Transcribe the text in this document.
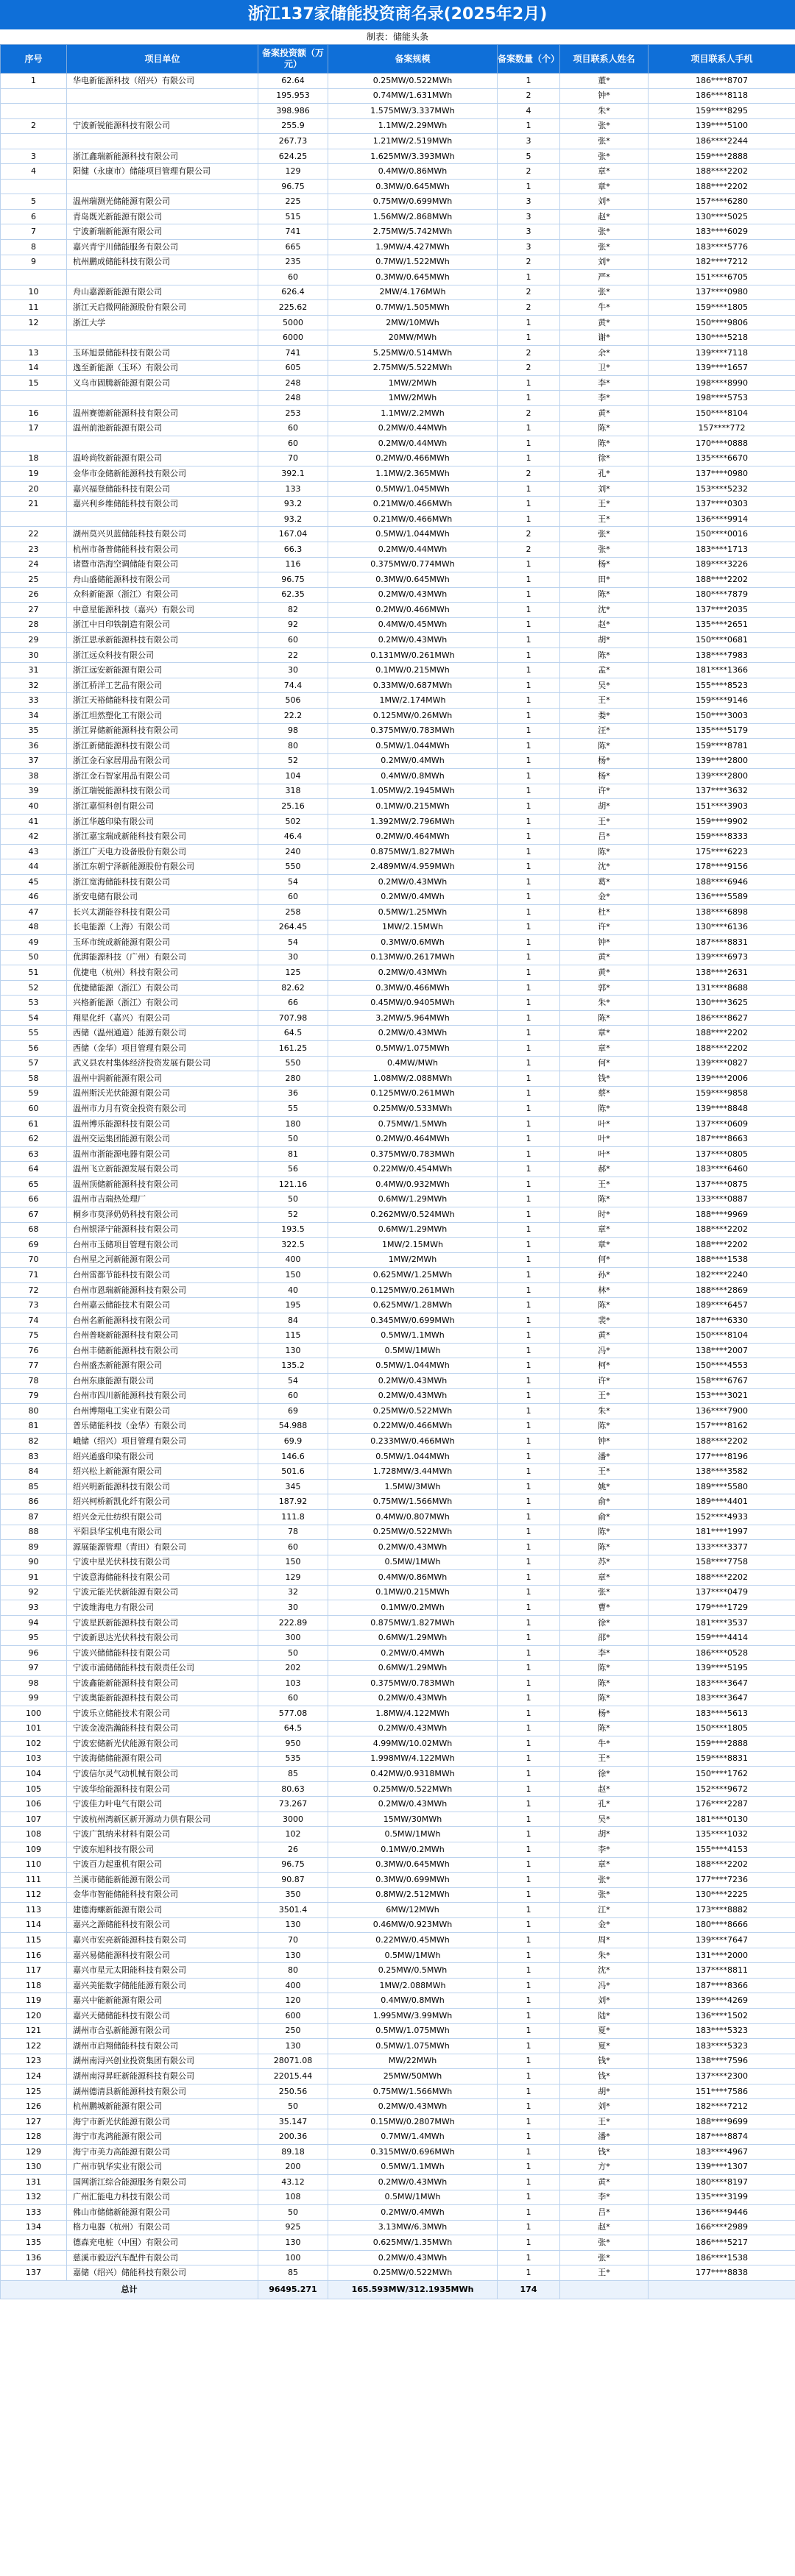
浙江137家储能投资商名录(2025年2月)
制表：储能头条
序号	项目单位	备案投资额（万元）	备案规模	备案数量（个）	项目联系人姓名	项目联系人手机
1	华电新能源科技（绍兴）有限公司	62.64	0.25MW/0.522MWh	1	董*	186****8707
		195.953	0.74MW/1.631MWh	2	钟*	186****8118
		398.986	1.575MW/3.337MWh	4	朱*	159****8295
2	宁波新锐能源科技有限公司	255.9	1.1MW/2.29MWh	1	张*	139****5100
		267.73	1.21MW/2.519MWh	3	张*	186****2244
3	浙江鑫瑞新能源科技有限公司	624.25	1.625MW/3.393MWh	5	张*	159****2888
4	阳健（永康市）储能项目管理有限公司	129	0.4MW/0.86MWh	2	章*	188****2202
		96.75	0.3MW/0.645MWh	1	章*	188****2202
5	温州瑞测光储能源有限公司	225	0.75MW/0.699MWh	3	刘*	157****6280
6	青岛既光新能源有限公司	515	1.56MW/2.868MWh	3	赵*	130****5025
7	宁波新瑞新能源有限公司	741	2.75MW/5.742MWh	3	张*	183****6029
8	嘉兴青宇川储能服务有限公司	665	1.9MW/4.427MWh	3	张*	183****5776
9	杭州鹏成储能科技有限公司	235	0.7MW/1.522MWh	2	刘*	182****7212
		60	0.3MW/0.645MWh	1	严*	151****6705
10	舟山嘉源新能源有限公司	626.4	2MW/4.176MWh	2	张*	137****0980
11	浙江天启微网能源股份有限公司	225.62	0.7MW/1.505MWh	2	牛*	159****1805
12	浙江大学	5000	2MW/10MWh	1	黄*	150****9806
		6000	20MW/MWh	1	谢*	130****5218
13	玉环旭景储能科技有限公司	741	5.25MW/0.514MWh	2	余*	139****7118
14	逸至新能源（玉环）有限公司	605	2.75MW/5.522MWh	2	卫*	139****1657
15	义乌市固腾新能源有限公司	248	1MW/2MWh	1	李*	198****8990
		248	1MW/2MWh	1	李*	198****5753
16	温州赛德新能源科技有限公司	253	1.1MW/2.2MWh	2	黄*	150****8104
17	温州前池新能源有限公司	60	0.2MW/0.44MWh	1	陈*	157****772
		60	0.2MW/0.44MWh	1	陈*	170****0888
18	温岭尚牧新能源有限公司	70	0.2MW/0.466MWh	1	徐*	135****6670
19	金华市金储新能源科技有限公司	392.1	1.1MW/2.365MWh	2	孔*	137****0980
20	嘉兴福登储能科技有限公司	133	0.5MW/1.045MWh	1	刘*	153****5232
21	嘉兴利乡维储能科技有限公司	93.2	0.21MW/0.466MWh	1	王*	137****0303
		93.2	0.21MW/0.466MWh	1	王*	136****9914
22	湖州莫兴贝蓝储能科技有限公司	167.04	0.5MW/1.044MWh	2	张*	150****0016
23	杭州市备普储能科技有限公司	66.3	0.2MW/0.44MWh	2	张*	183****1713
24	诸暨市浩海空调储能有限公司	116	0.375MW/0.774MWh	1	杨*	189****3226
25	舟山盛储能源科技有限公司	96.75	0.3MW/0.645MWh	1	田*	188****2202
26	众科新能源（浙江）有限公司	62.35	0.2MW/0.43MWh	1	陈*	180****7879
27	中意星能源科技（嘉兴）有限公司	82	0.2MW/0.466MWh	1	沈*	137****2035
28	浙江中日印铁制造有限公司	92	0.4MW/0.45MWh	1	赵*	135****2651
29	浙江思承新能源科技有限公司	60	0.2MW/0.43MWh	1	胡*	150****0681
30	浙江远众科技有限公司	22	0.131MW/0.261MWh	1	陈*	138****7983
31	浙江远安新能源有限公司	30	0.1MW/0.215MWh	1	孟*	181****1366
32	浙江骄洋工艺品有限公司	74.4	0.33MW/0.687MWh	1	吴*	155****8523
33	浙江天裕储能科技有限公司	506	1MW/2.174MWh	1	王*	159****9146
34	浙江坦然塑化工有限公司	22.2	0.125MW/0.26MWh	1	娄*	150****3003
35	浙江昇储新能源科技有限公司	98	0.375MW/0.783MWh	1	汪*	135****5179
36	浙江新储能源科技有限公司	80	0.5MW/1.044MWh	1	陈*	159****8781
37	浙江金石家居用品有限公司	52	0.2MW/0.4MWh	1	杨*	139****2800
38	浙江金石智家用品有限公司	104	0.4MW/0.8MWh	1	杨*	139****2800
39	浙江瑞锐能源科技有限公司	318	1.05MW/2.1945MWh	1	许*	137****3632
40	浙江嘉恒科创有限公司	25.16	0.1MW/0.215MWh	1	胡*	151****3903
41	浙江华越印染有限公司	502	1.392MW/2.796MWh	1	王*	159****9902
42	浙江嘉宝瑞成新能科技有限公司	46.4	0.2MW/0.464MWh	1	吕*	159****8333
43	浙江广天电力设备股份有限公司	240	0.875MW/1.827MWh	1	陈*	175****6223
44	浙江东朝宁泽新能源股份有限公司	550	2.489MW/4.959MWh	1	沈*	178****9156
45	浙江宽海储能科技有限公司	54	0.2MW/0.43MWh	1	葛*	188****6946
46	浙安电储有限公司	60	0.2MW/0.4MWh	1	金*	136****5589
47	长兴太湖能谷科技有限公司	258	0.5MW/1.25MWh	1	杜*	138****6898
48	长电能源（上海）有限公司	264.45	1MW/2.15MWh	1	许*	130****6136
49	玉环市统成新能源有限公司	54	0.3MW/0.6MWh	1	钟*	187****8831
50	优湃能源科技（广州）有限公司	30	0.13MW/0.2617MWh	1	黄*	139****6973
51	优捷电（杭州）科技有限公司	125	0.2MW/0.43MWh	1	黄*	138****2631
52	优捷储能源（浙江）有限公司	82.62	0.3MW/0.466MWh	1	郭*	131****8688
53	兴格新能源（浙江）有限公司	66	0.45MW/0.9405MWh	1	朱*	130****3625
54	翔星化纤（嘉兴）有限公司	707.98	3.2MW/5.964MWh	1	陈*	186****8627
55	西储（温州通道）能源有限公司	64.5	0.2MW/0.43MWh	1	章*	188****2202
56	西储（金华）项目管理有限公司	161.25	0.5MW/1.075MWh	1	章*	188****2202
57	武义县农村集体经济投资发展有限公司	550	0.4MW/MWh	1	何*	139****0827
58	温州中润新能源有限公司	280	1.08MW/2.088MWh	1	钱*	139****2006
59	温州斯沃光伏能源有限公司	36	0.125MW/0.261MWh	1	蔡*	159****9858
60	温州市力月有资金投资有限公司	55	0.25MW/0.533MWh	1	陈*	139****8848
61	温州博乐能源科技有限公司	180	0.75MW/1.5MWh	1	叶*	137****0609
62	温州交运集团能源有限公司	50	0.2MW/0.464MWh	1	叶*	187****8663
63	温州市浙能源电器有限公司	81	0.375MW/0.783MWh	1	叶*	137****0805
64	温州飞立新能源发展有限公司	56	0.22MW/0.454MWh	1	郝*	183****6460
65	温州顶储新能源科技有限公司	121.16	0.4MW/0.932MWh	1	王*	137****0875
66	温州市吉瑞热处理厂	50	0.6MW/1.29MWh	1	陈*	133****0887
67	桐乡市莫泽奶奶科技有限公司	52	0.262MW/0.524MWh	1	时*	188****9969
68	台州银泽宁能源科技有限公司	193.5	0.6MW/1.29MWh	1	章*	188****2202
69	台州市玉储项目管理有限公司	322.5	1MW/2.15MWh	1	章*	188****2202
70	台州星之河新能源有限公司	400	1MW/2MWh	1	何*	188****1538
71	台州雷都节能科技有限公司	150	0.625MW/1.25MWh	1	孙*	182****2240
72	台州市恩瑞新能源科技有限公司	40	0.125MW/0.261MWh	1	林*	188****2869
73	台州嘉云储能技术有限公司	195	0.625MW/1.28MWh	1	陈*	189****6457
74	台州名新能源科技有限公司	84	0.345MW/0.699MWh	1	裴*	187****6330
75	台州普晓新能源科技有限公司	115	0.5MW/1.1MWh	1	黄*	150****8104
76	台州丰储新能源科技有限公司	130	0.5MW/1MWh	1	冯*	138****2007
77	台州盛杰新能源有限公司	135.2	0.5MW/1.044MWh	1	柯*	150****4553
78	台州东康能源有限公司	54	0.2MW/0.43MWh	1	许*	158****6767
79	台州市四川新能源科技有限公司	60	0.2MW/0.43MWh	1	王*	153****3021
80	台州博翔电工实业有限公司	69	0.25MW/0.522MWh	1	朱*	136****7900
81	普乐储能科技（金华）有限公司	54.988	0.22MW/0.466MWh	1	陈*	157****8162
82	峨储（绍兴）项目管理有限公司	69.9	0.233MW/0.466MWh	1	钟*	188****2202
83	绍兴通盛印染有限公司	146.6	0.5MW/1.044MWh	1	潘*	177****8196
84	绍兴松上新能源有限公司	501.6	1.728MW/3.44MWh	1	王*	138****3582
85	绍兴明新能源科技有限公司	345	1.5MW/3MWh	1	姚*	189****5580
86	绍兴柯桥新凯化纤有限公司	187.92	0.75MW/1.566MWh	1	俞*	189****4401
87	绍兴金元仕纺织有限公司	111.8	0.4MW/0.807MWh	1	俞*	152****4933
88	平阳县华宝机电有限公司	78	0.25MW/0.522MWh	1	陈*	181****1997
89	源展能源管理（青田）有限公司	60	0.2MW/0.43MWh	1	陈*	133****3377
90	宁波中星光伏科技有限公司	150	0.5MW/1MWh	1	苏*	158****7758
91	宁波意海储能科技有限公司	129	0.4MW/0.86MWh	1	章*	188****2202
92	宁波元能光伏新能源有限公司	32	0.1MW/0.215MWh	1	张*	137****0479
93	宁波维海电力有限公司	30	0.1MW/0.2MWh	1	曹*	179****1729
94	宁波星跃新能源科技有限公司	222.89	0.875MW/1.827MWh	1	徐*	181****3537
95	宁波新思达光伏科技有限公司	300	0.6MW/1.29MWh	1	邵*	159****4414
96	宁波兴储储能科技有限公司	50	0.2MW/0.4MWh	1	李*	186****0528
97	宁波市浦储储能科技有限责任公司	202	0.6MW/1.29MWh	1	陈*	139****5195
98	宁波鑫能新能源科技有限公司	103	0.375MW/0.783MWh	1	陈*	183****3647
99	宁波奥能新能源科技有限公司	60	0.2MW/0.43MWh	1	陈*	183****3647
100	宁波乐立储能技术有限公司	577.08	1.8MW/4.122MWh	1	杨*	183****5613
101	宁波金凌浩瀚能科技有限公司	64.5	0.2MW/0.43MWh	1	陈*	150****1805
102	宁波宏储新光伏能源有限公司	950	4.99MW/10.02MWh	1	牛*	159****2888
103	宁波海储储能源有限公司	535	1.998MW/4.122MWh	1	王*	159****8831
104	宁波信尔灵气动机械有限公司	85	0.42MW/0.9318MWh	1	徐*	150****1762
105	宁波华给能源科技有限公司	80.63	0.25MW/0.522MWh	1	赵*	152****9672
106	宁波佳力叶电气有限公司	73.267	0.2MW/0.43MWh	1	孔*	176****2287
107	宁波杭州湾新区新开源动力供有限公司	3000	15MW/30MWh	1	吴*	181****0130
108	宁波广凯纳米材料有限公司	102	0.5MW/1MWh	1	胡*	135****1032
109	宁波东旭科技有限公司	26	0.1MW/0.2MWh	1	李*	155****4153
110	宁波百力起重机有限公司	96.75	0.3MW/0.645MWh	1	章*	188****2202
111	兰溪市储能新能源有限公司	90.87	0.3MW/0.699MWh	1	张*	177****7236
112	金华市智能储能科技有限公司	350	0.8MW/2.512MWh	1	张*	130****2225
113	建德海螺新能源有限公司	3501.4	6MW/12MWh	1	江*	173****8882
114	嘉兴之源储能科技有限公司	130	0.46MW/0.923MWh	1	金*	180****8666
115	嘉兴市宏亮新能源科技有限公司	70	0.22MW/0.45MWh	1	周*	139****7647
116	嘉兴易储能源科技有限公司	130	0.5MW/1MWh	1	朱*	131****2000
117	嘉兴市星元太阳能科技有限公司	80	0.25MW/0.5MWh	1	沈*	137****8811
118	嘉兴美能数字储能能源有限公司	400	1MW/2.088MWh	1	冯*	187****8366
119	嘉兴中能新能源有限公司	120	0.4MW/0.8MWh	1	刘*	139****4269
120	嘉兴天储储能科技有限公司	600	1.995MW/3.99MWh	1	陆*	136****1502
121	湖州市合弘新能源有限公司	250	0.5MW/1.075MWh	1	夏*	183****5323
122	湖州市启翔储能科技有限公司	130	0.5MW/1.075MWh	1	夏*	183****5323
123	湖州南浔兴创业投资集团有限公司	28071.08	MW/22MWh	1	钱*	138****7596
124	湖州南浔昇旺新能源科技有限公司	22015.44	25MW/50MWh	1	钱*	137****2300
125	湖州德清县新能源科技有限公司	250.56	0.75MW/1.566MWh	1	胡*	151****7586
126	杭州鹏城新能源有限公司	50	0.2MW/0.43MWh	1	刘*	182****7212
127	海宁市新光伏能源有限公司	35.147	0.15MW/0.2807MWh	1	王*	188****9699
128	海宁市兆鸿能源有限公司	200.36	0.7MW/1.4MWh	1	潘*	187****8874
129	海宁市美力高能源有限公司	89.18	0.315MW/0.696MWh	1	钱*	183****4967
130	广州市钒华实业有限公司	200	0.5MW/1.1MWh	1	方*	139****1307
131	国网浙江综合能源服务有限公司	43.12	0.2MW/0.43MWh	1	黄*	180****8197
132	广州汇能电力科技有限公司	108	0.5MW/1MWh	1	李*	135****3199
133	佛山市储储新能源有限公司	50	0.2MW/0.4MWh	1	吕*	136****9446
134	格力电器（杭州）有限公司	925	3.13MW/6.3MWh	1	赵*	166****2989
135	德森充电桩（中国）有限公司	130	0.625MW/1.35MWh	1	张*	186****5217
136	慈溪市毅迈汽车配件有限公司	100	0.2MW/0.43MWh	1	张*	186****1538
137	嘉储（绍兴）储能科技有限公司	85	0.25MW/0.522MWh	1	王*	177****8838
总计		96495.271	165.593MW/312.1935MWh	174		
